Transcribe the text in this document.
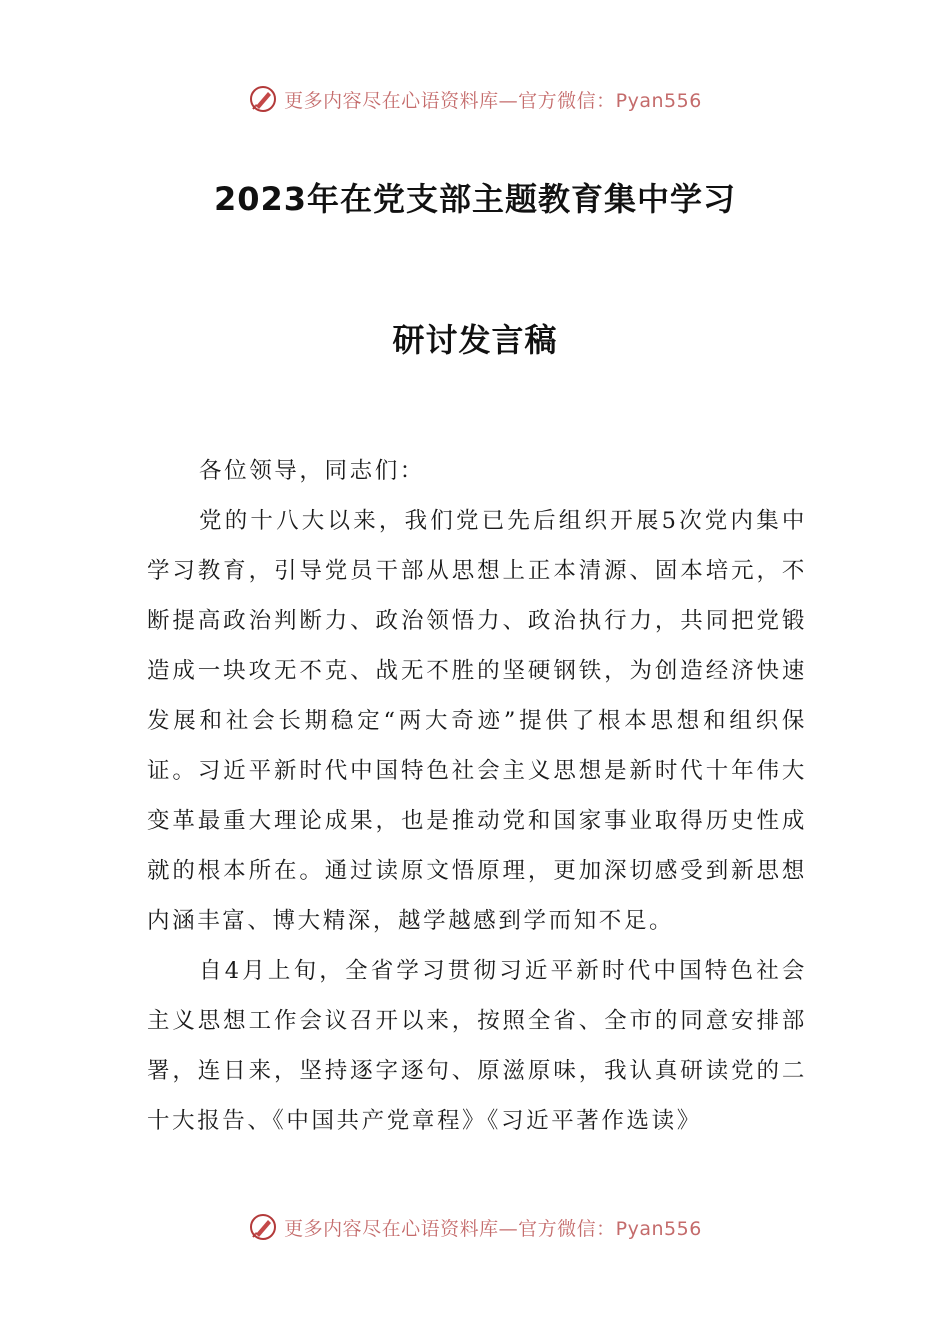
更多内容尽在心语资料库— 官方微信：Pyan556
2023年在党支部主题教育集中学习
研讨发言稿

各位领导，同志们：

党的十八大以来，我们党已先后组织开展5次党内集中学习教育，引导党员干部从思想上正本清源、固本培元，不断提高政治判断力、政治领悟力、政治执行力，共同把党锻造成一块攻无不克、战无不胜的坚硬钢铁，为创造经济快速发展和社会长期稳定“两大奇迹”提供了根本思想和组织保证。习近平新时代中国特色社会主义思想是新时代十年伟大变革最重大理论成果，也是推动党和国家事业取得历史性成就的根本所在。通过读原文悟原理，更加深切感受到新思想内涵丰富、博大精深，越学越感到学而知不足。

自4月上旬，全省学习贯彻习近平新时代中国特色社会主义思想工作会议召开以来，按照全省、全市的同意安排部署，连日来，坚持逐字逐句、原滋原味，我认真研读党的二十大报告、《中国共产党章程》《习近平著作选读》

更多内容尽在心语资料库— 官方微信：Pyan556
